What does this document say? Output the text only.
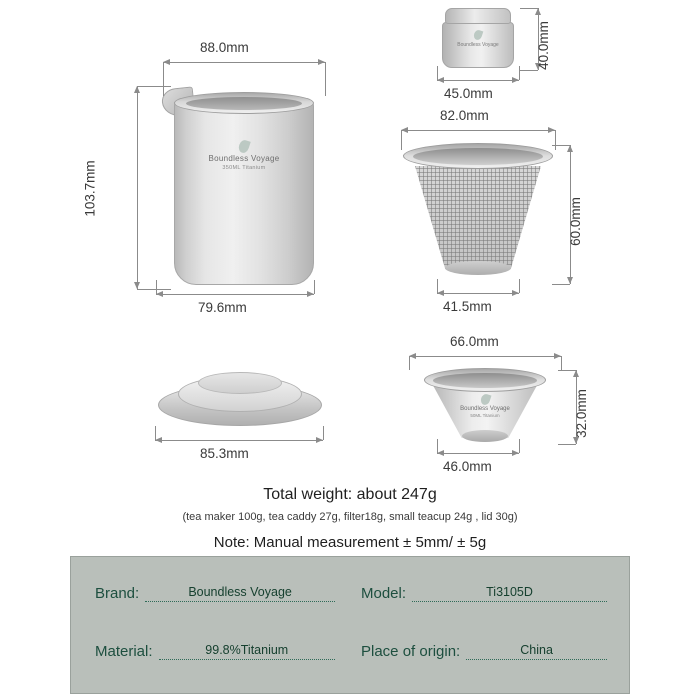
Boundless Voyage
350ML Titanium
88.0mm
103.7mm
79.6mm
Boundless Voyage
45.0mm
40.0mm
82.0mm
60.0mm
41.5mm
85.3mm
Boundless Voyage
50ML Titanium
66.0mm
32.0mm
46.0mm
Total weight: about 247g
(tea maker 100g, tea caddy 27g, filter18g, small teacup 24g , lid 30g)
Note: Manual measurement ± 5mm/ ± 5g
Brand:	Boundless Voyage	Model:	Ti3105D
Material:	99.8%Titanium	Place of origin:	China
